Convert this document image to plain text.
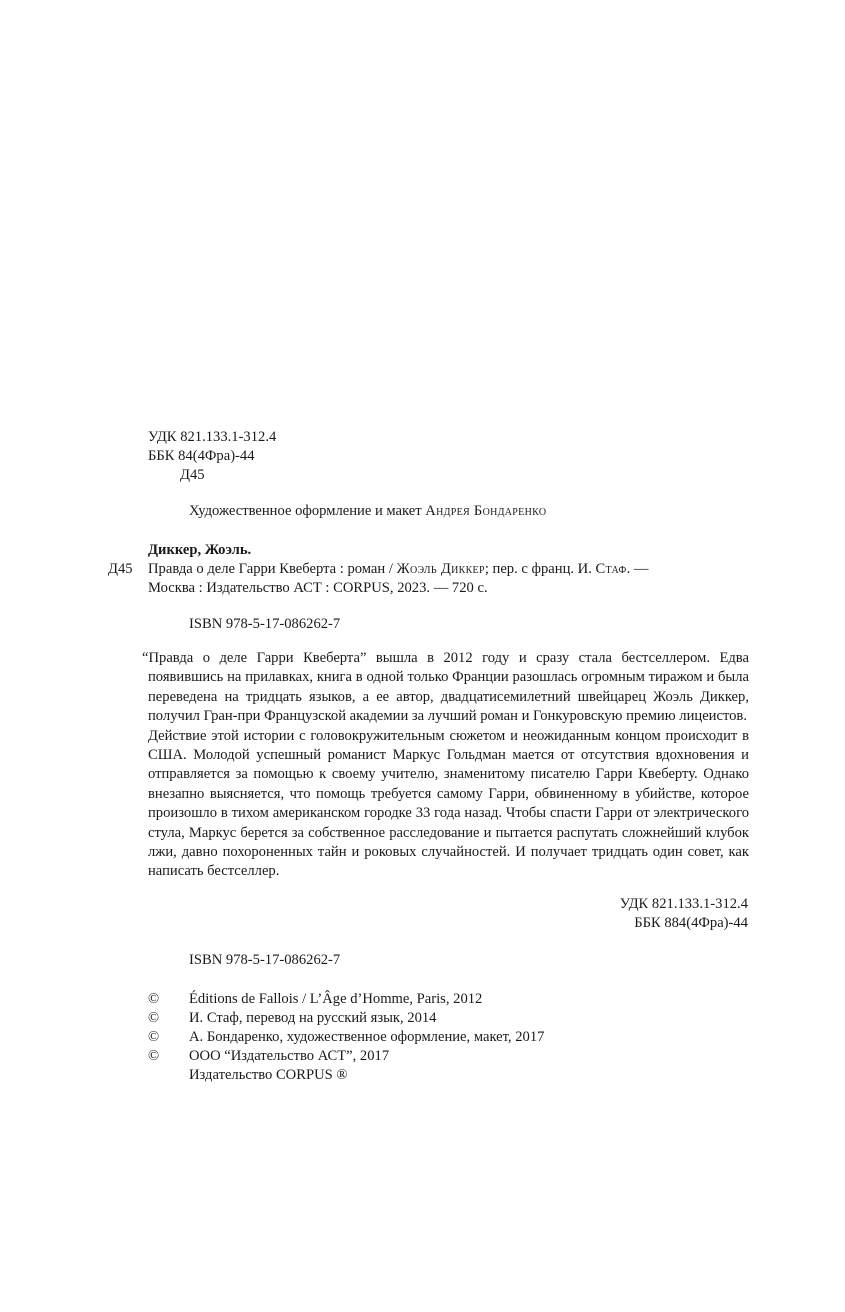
УДК 821.133.1-312.4
ББК 84(4Фра)-44
Д45
Художественное оформление и макет Андрея Бондаренко
Диккер, Жоэль.
Д45 Правда о деле Гарри Квеберта : роман / Жоэль Диккер; пер. с франц. И. Стаф. —
Москва : Издательство АСТ : CORPUS, 2023. — 720 с.
ISBN 978-5-17-086262-7

“Правда о деле Гарри Квеберта” вышла в 2012 году и сразу стала бестселлером. Едва появившись на прилавках, книга в одной только Франции разошлась огромным тиражом и была переведена на тридцать языков, а ее автор, двадцатисемилетний швейцарец Жоэль Диккер, получил Гран-при Французской академии за лучший роман и Гонкуровскую премию лицеистов.

Действие этой истории с головокружительным сюжетом и неожиданным концом происходит в США. Молодой успешный романист Маркус Гольдман мается от отсутствия вдохновения и отправляется за помощью к своему учителю, знаменитому писателю Гарри Квеберту. Однако внезапно выясняется, что помощь требуется самому Гарри, обвиненному в убийстве, которое произошло в тихом американском городке 33 года назад. Чтобы спасти Гарри от электрического стула, Маркус берется за собственное расследование и пытается распутать сложнейший клубок лжи, давно похороненных тайн и роковых случайностей. И получает тридцать один совет, как написать бестселлер.

УДК 821.133.1-312.4
ББК 884(4Фра)-44
ISBN 978-5-17-086262-7
© Éditions de Fallois / L’Âge d’Homme, Paris, 2012
© И. Стаф, перевод на русский язык, 2014
© А. Бондаренко, художественное оформление, макет, 2017
© ООО “Издательство АСТ”, 2017
Издательство CORPUS ®
